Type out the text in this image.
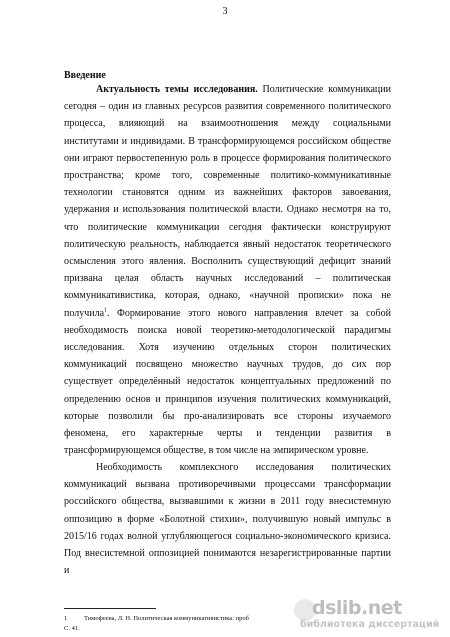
3
Введение

Актуальность темы исследования. Политические коммуникации сегодня – один из главных ресурсов развития современного политического процесса, влияющий на взаимоотношения между социальными институтами и индивидами. В трансформирующемся российском обществе они играют первостепенную роль в процессе формирования политического пространства; кроме того, современные политико-коммуникативные технологии становятся одним из важнейших факторов завоевания, удержания и использования политической власти. Однако несмотря на то, что политические коммуникации сегодня фактически конструируют политическую реальность, наблюдается явный недостаток теоретического осмысления этого явления. Восполнить существующий дефицит знаний призвана целая область научных исследований – политическая коммуникативистика, которая, однако, «научной прописки» пока не получила$^1$. Формирование этого нового направления влечет за собой необходимость поиска новой теоретико-методологической парадигмы исследования. Хотя изучению отдельных сторон политических коммуникаций посвящено множество научных трудов, до сих пор существует определённый недостаток концептуальных предложений по определению основ и принципов изучения политических коммуникаций, которые позволили бы про-анализировать все стороны изучаемого феномена, его характерные черты и тенденции развития в трансформирующемся обществе, в том числе на эмпирическом уровне.

Необходимость комплексного исследования политических коммуникаций вызвана противоречивыми процессами трансформации российского общества, вызвавшими к жизни в 2011 году внесистемную оппозицию в форме «Болотной стихии», получившую новый импульс в 2015/16 годах волной углубляющегося социально-экономического кризиса. Под внесистемной оппозицией понимаются незарегистрированные партии и

1	Тимофеева, Л. Н. Политическая коммуникативистика: проб
С. 41.
dslib.net
библиотека диссертаций
